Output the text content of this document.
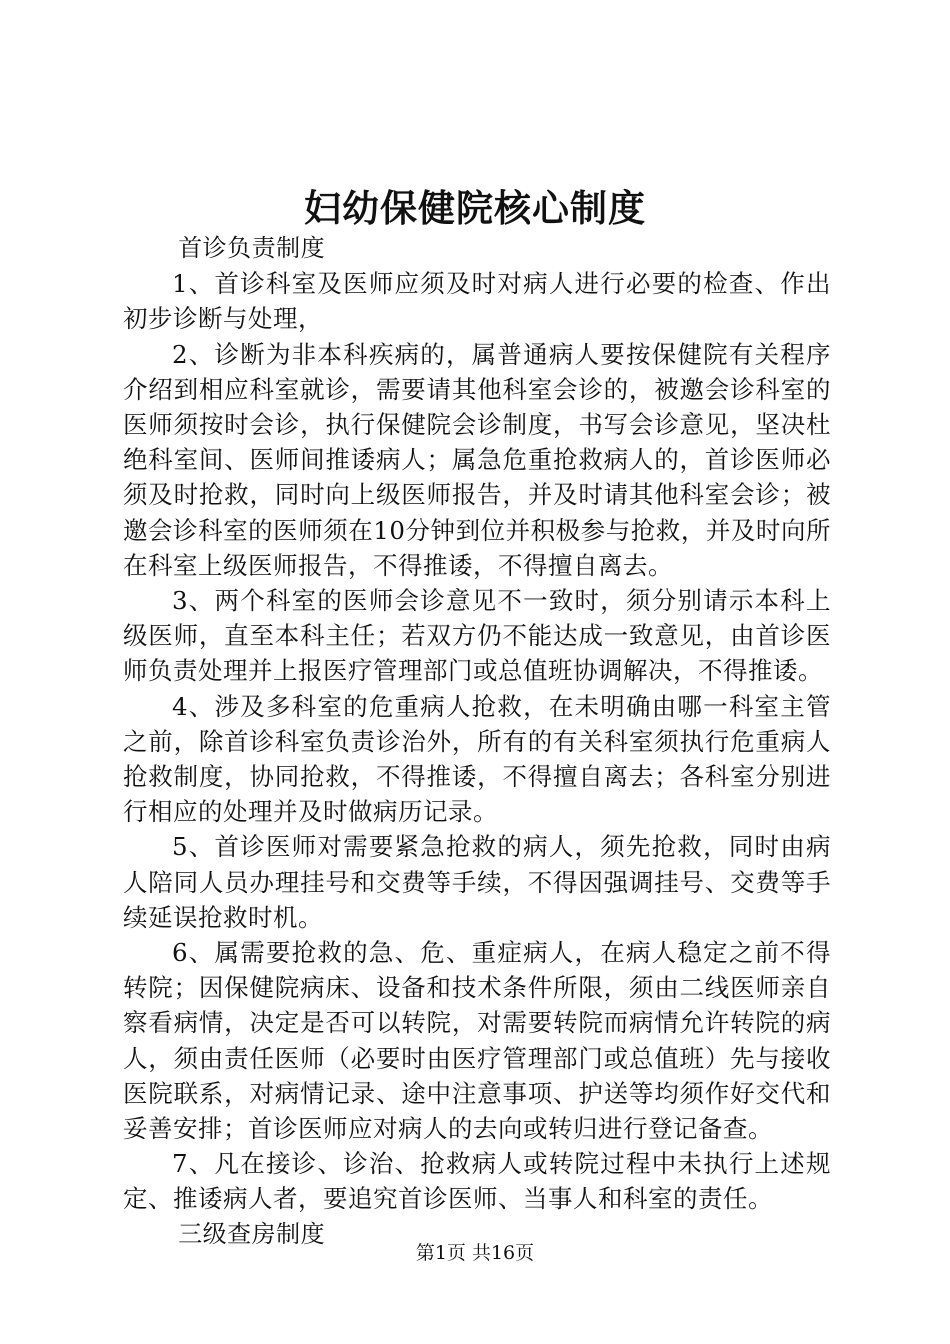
妇幼保健院核心制度

首诊负责制度

1、首诊科室及医师应须及时对病人进行必要的检查、作出初步诊断与处理，

2、诊断为非本科疾病的，属普通病人要按保健院有关程序介绍到相应科室就诊，需要请其他科室会诊的，被邀会诊科室的医师须按时会诊，执行保健院会诊制度，书写会诊意见，坚决杜绝科室间、医师间推诿病人；属急危重抢救病人的，首诊医师必须及时抢救，同时向上级医师报告，并及时请其他科室会诊；被邀会诊科室的医师须在10分钟到位并积极参与抢救，并及时向所在科室上级医师报告，不得推诿，不得擅自离去。

3、两个科室的医师会诊意见不一致时，须分别请示本科上级医师，直至本科主任；若双方仍不能达成一致意见，由首诊医师负责处理并上报医疗管理部门或总值班协调解决，不得推诿。

4、涉及多科室的危重病人抢救，在未明确由哪一科室主管之前，除首诊科室负责诊治外，所有的有关科室须执行危重病人抢救制度，协同抢救，不得推诿，不得擅自离去；各科室分别进行相应的处理并及时做病历记录。

5、首诊医师对需要紧急抢救的病人，须先抢救，同时由病人陪同人员办理挂号和交费等手续，不得因强调挂号、交费等手续延误抢救时机。

6、属需要抢救的急、危、重症病人，在病人稳定之前不得转院；因保健院病床、设备和技术条件所限，须由二线医师亲自察看病情，决定是否可以转院，对需要转院而病情允许转院的病人，须由责任医师（必要时由医疗管理部门或总值班）先与接收医院联系，对病情记录、途中注意事项、护送等均须作好交代和妥善安排；首诊医师应对病人的去向或转归进行登记备查。

7、凡在接诊、诊治、抢救病人或转院过程中未执行上述规定、推诿病人者，要追究首诊医师、当事人和科室的责任。

三级查房制度

第1页 共16页
